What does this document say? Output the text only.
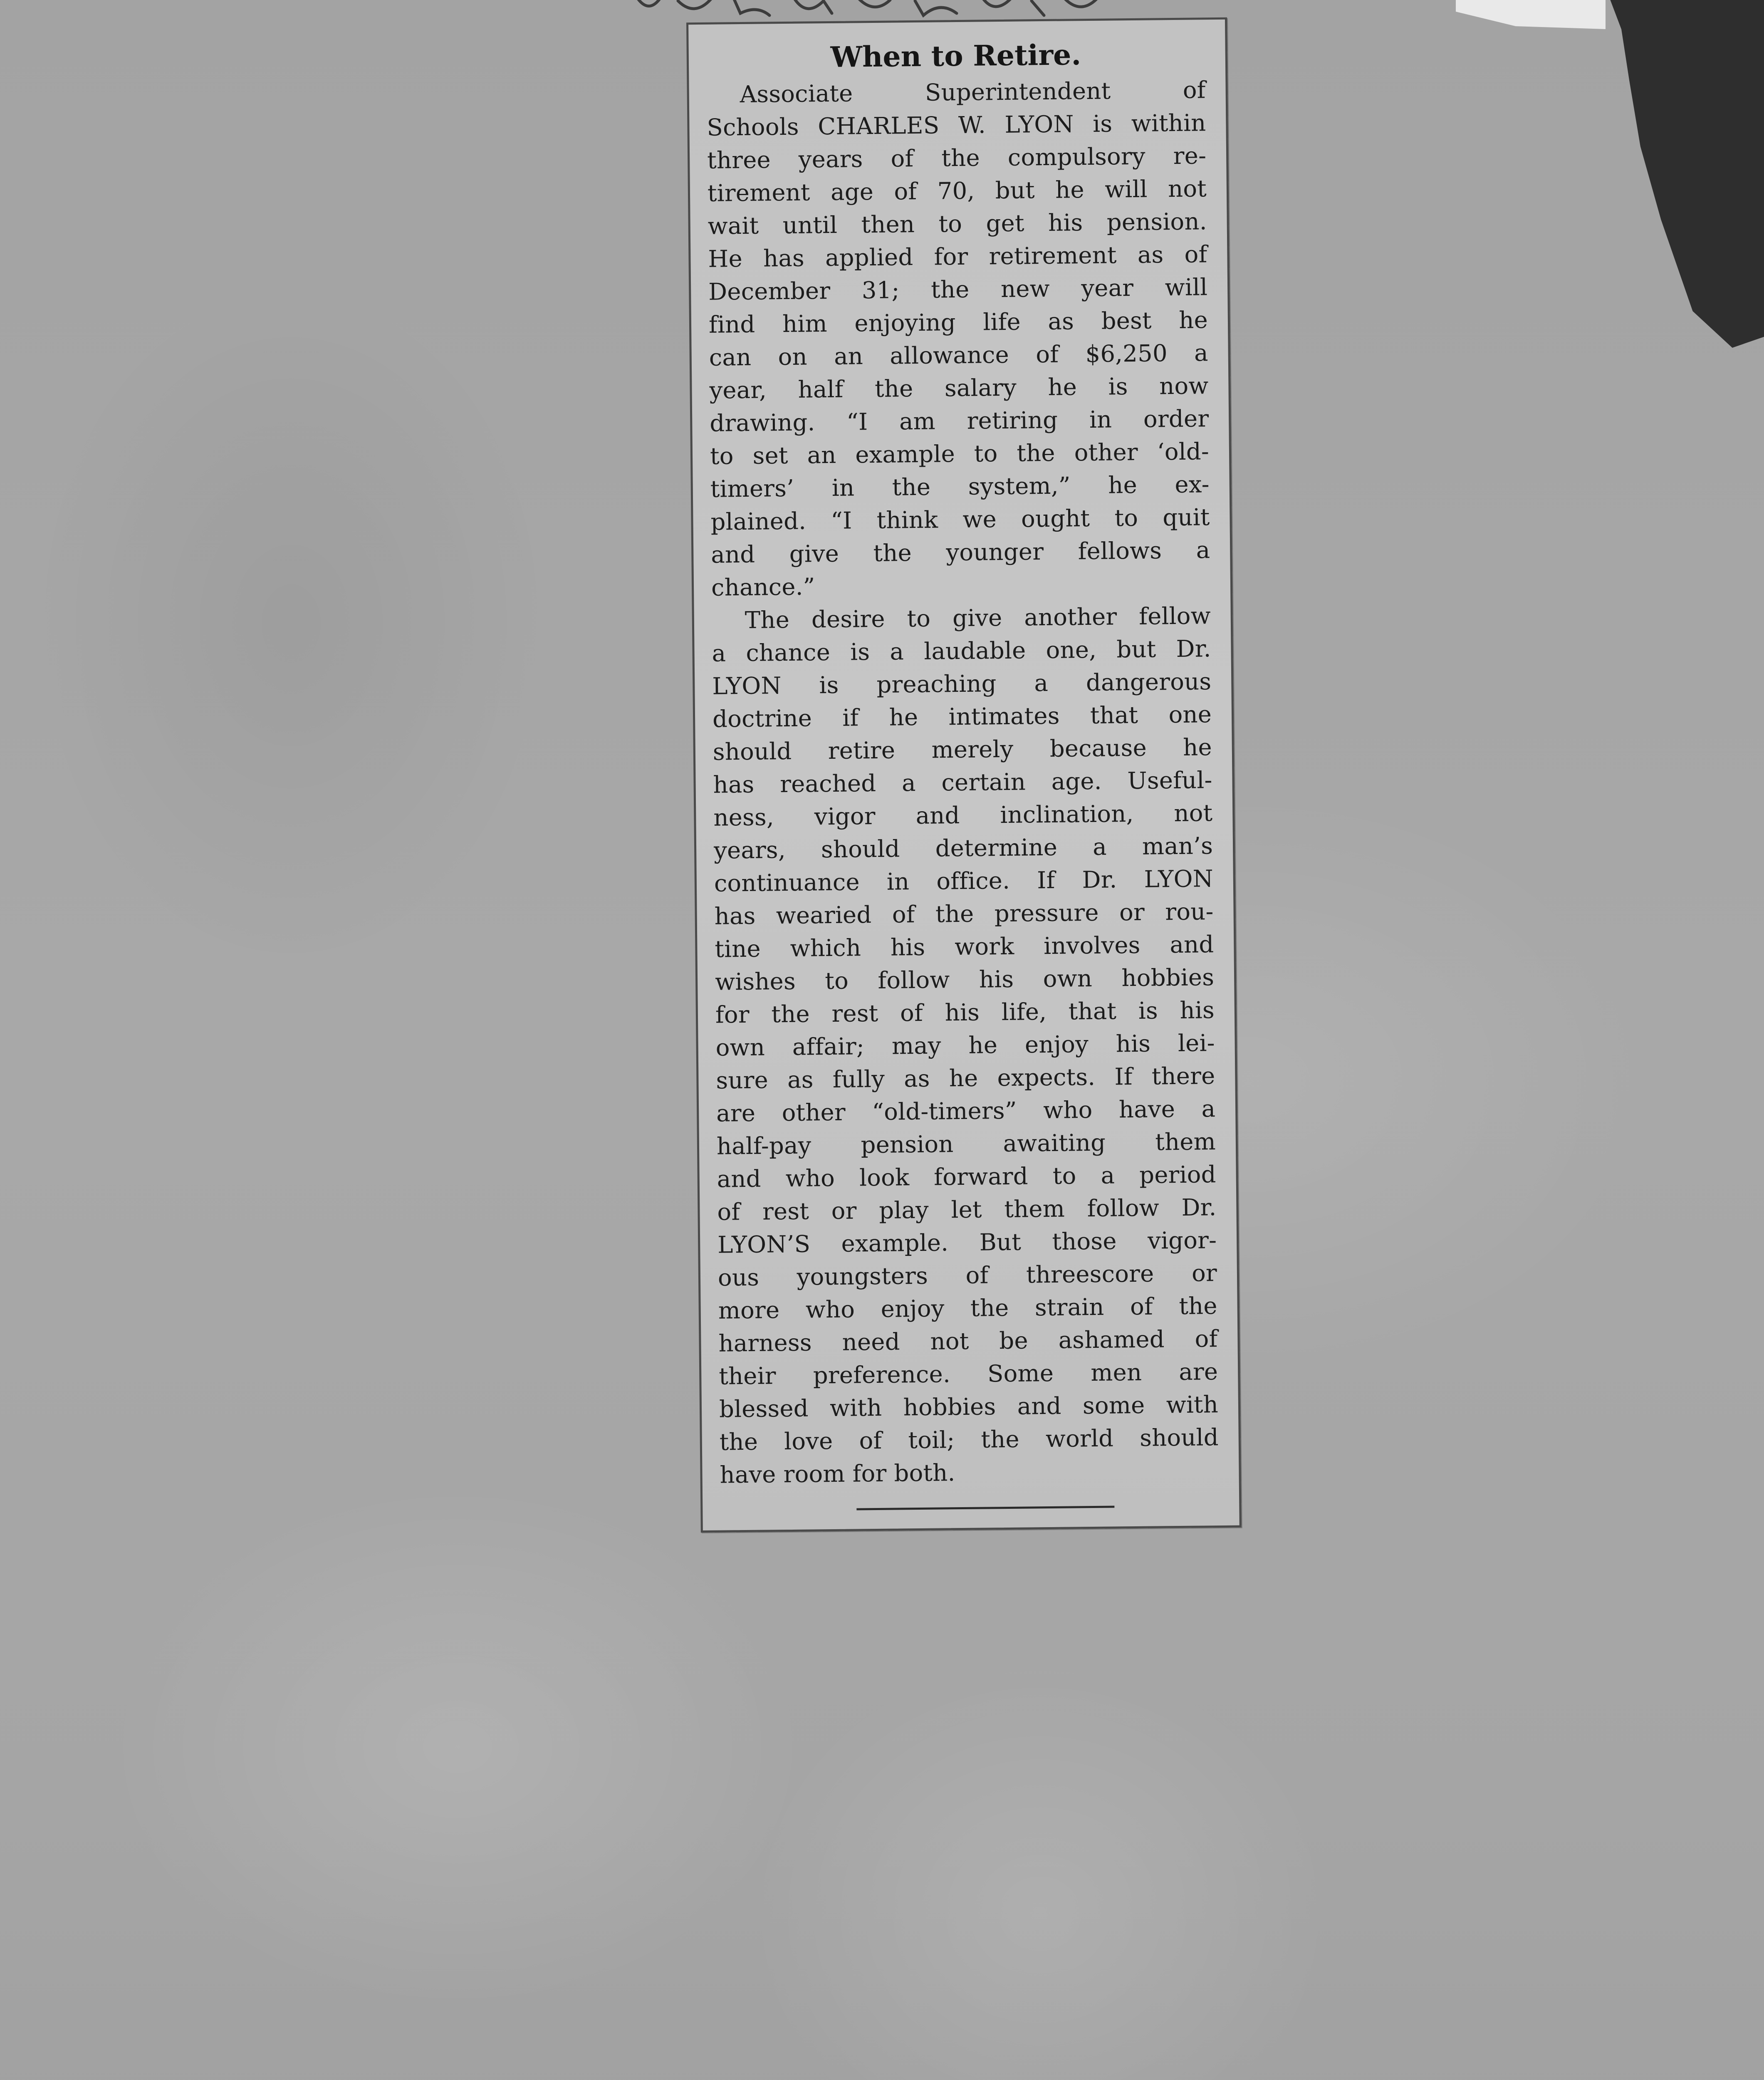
When to Retire.
Associate Superintendent of
Schools CHARLES W. LYON is within
three years of the compulsory re-
tirement age of 70, but he will not
wait until then to get his pension.
He has applied for retirement as of
December 31; the new year will
find him enjoying life as best he
can on an allowance of $6,250 a
year, half the salary he is now
drawing. “I am retiring in order
to set an example to the other ‘old-
timers’ in the system,” he ex-
plained. “I think we ought to quit
and give the younger fellows a
chance.”
The desire to give another fellow
a chance is a laudable one, but Dr.
LYON is preaching a dangerous
doctrine if he intimates that one
should retire merely because he
has reached a certain age. Useful-
ness, vigor and inclination, not
years, should determine a man’s
continuance in office. If Dr. LYON
has wearied of the pressure or rou-
tine which his work involves and
wishes to follow his own hobbies
for the rest of his life, that is his
own affair; may he enjoy his lei-
sure as fully as he expects. If there
are other “old-timers” who have a
half-pay pension awaiting them
and who look forward to a period
of rest or play let them follow Dr.
LYON’S example. But those vigor-
ous youngsters of threescore or
more who enjoy the strain of the
harness need not be ashamed of
their preference. Some men are
blessed with hobbies and some with
the love of toil; the world should
have room for both.
